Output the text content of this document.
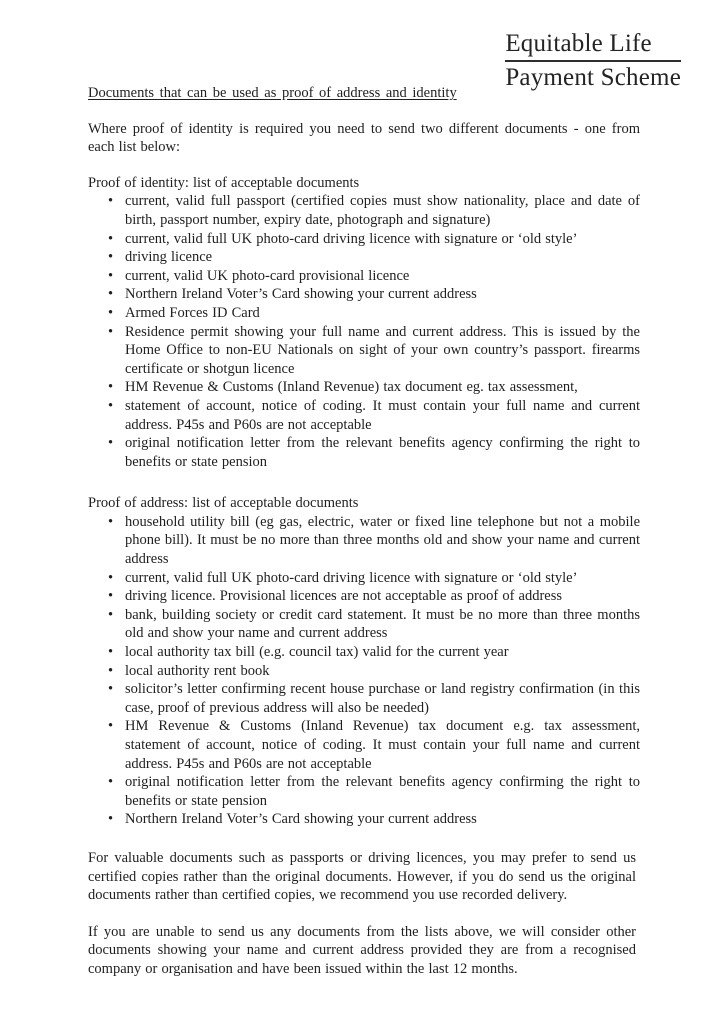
Equitable Life
Payment Scheme
Documents that can be used as proof of address and identity

Where proof of identity is required you need to send two different documents - one from each list below:

Proof of identity: list of acceptable documents

• current, valid full passport (certified copies must show nationality, place and date of birth, passport number, expiry date, photograph and signature)
• current, valid full UK photo-card driving licence with signature or ‘old style’
• driving licence
• current, valid UK photo-card provisional licence
• Northern Ireland Voter’s Card showing your current address
• Armed Forces ID Card
• Residence permit showing your full name and current address. This is issued by the Home Office to non-EU Nationals on sight of your own country’s passport. firearms certificate or shotgun licence
• HM Revenue & Customs (Inland Revenue) tax document eg. tax assessment,
• statement of account, notice of coding. It must contain your full name and current address. P45s and P60s are not acceptable
• original notification letter from the relevant benefits agency confirming the right to benefits or state pension

Proof of address: list of acceptable documents

• household utility bill (eg gas, electric, water or fixed line telephone but not a mobile phone bill). It must be no more than three months old and show your name and current address
• current, valid full UK photo-card driving licence with signature or ‘old style’
• driving licence. Provisional licences are not acceptable as proof of address
• bank, building society or credit card statement. It must be no more than three months old and show your name and current address
• local authority tax bill (e.g. council tax) valid for the current year
• local authority rent book
• solicitor’s letter confirming recent house purchase or land registry confirmation (in this case, proof of previous address will also be needed)
• HM Revenue & Customs (Inland Revenue) tax document e.g. tax assessment, statement of account, notice of coding. It must contain your full name and current address. P45s and P60s are not acceptable
• original notification letter from the relevant benefits agency confirming the right to benefits or state pension
• Northern Ireland Voter’s Card showing your current address

For valuable documents such as passports or driving licences, you may prefer to send us certified copies rather than the original documents. However, if you do send us the original documents rather than certified copies, we recommend you use recorded delivery.

If you are unable to send us any documents from the lists above, we will consider other documents showing your name and current address provided they are from a recognised company or organisation and have been issued within the last 12 months.
